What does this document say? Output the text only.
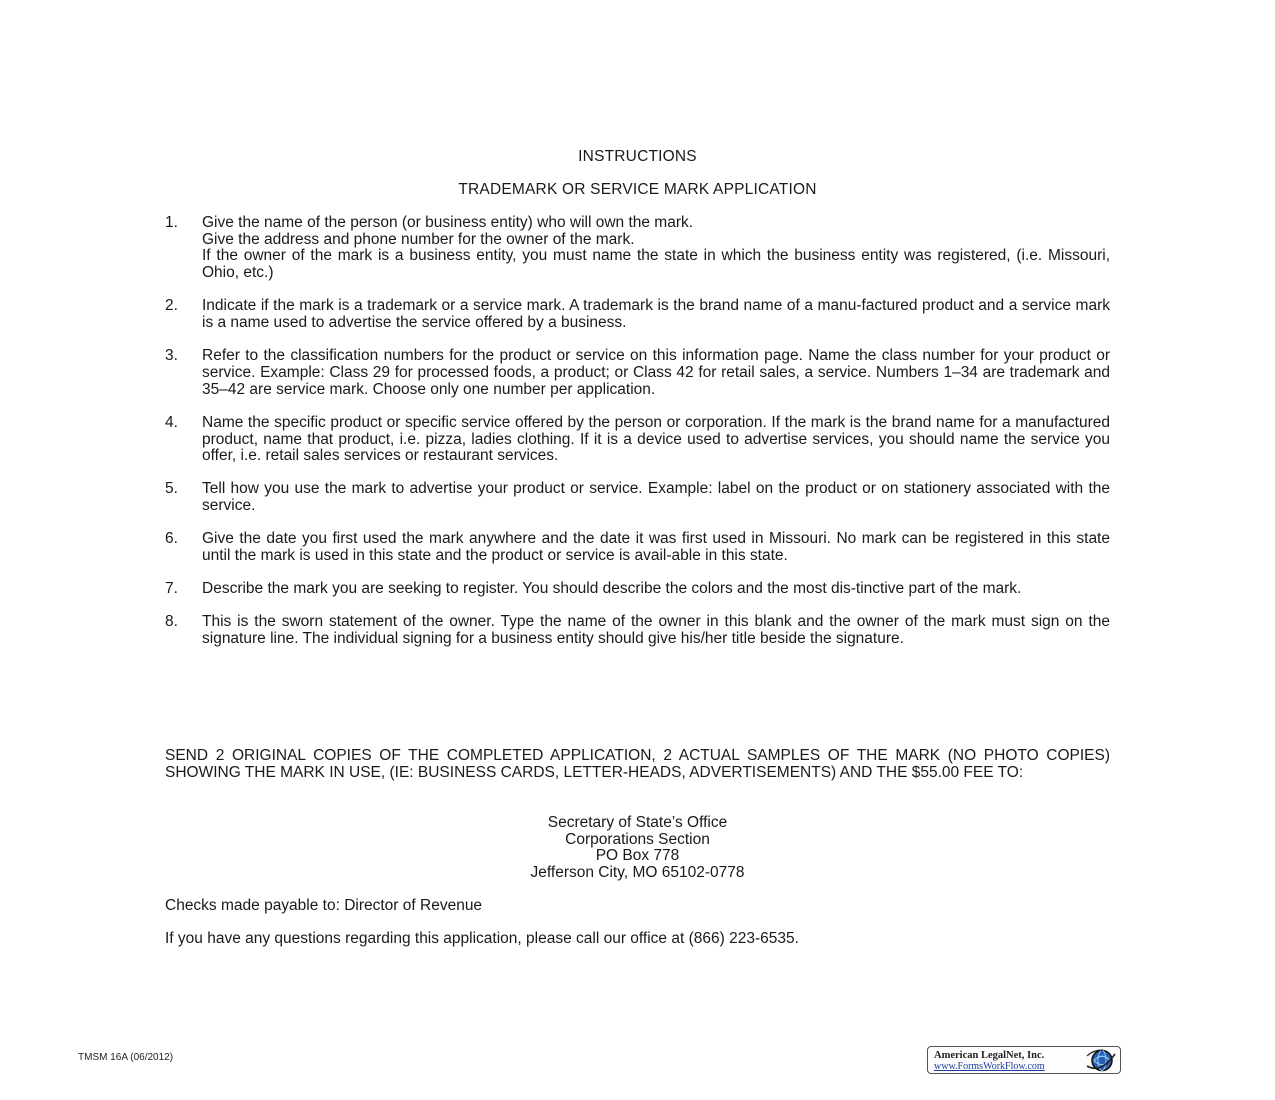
INSTRUCTIONS
TRADEMARK OR SERVICE MARK APPLICATION
1. Give the name of the person (or business entity) who will own the mark.
Give the address and phone number for the owner of the mark.
If the owner of the mark is a business entity, you must name the state in which the business entity was registered, (i.e. Missouri, Ohio, etc.)
2. Indicate if the mark is a trademark or a service mark. A trademark is the brand name of a manu-factured product and a service mark is a name used to advertise the service offered by a business.
3. Refer to the classification numbers for the product or service on this information page. Name the class number for your product or service. Example: Class 29 for processed foods, a product; or Class 42 for retail sales, a service. Numbers 1–34 are trademark and 35–42 are service mark. Choose only one number per application.
4. Name the specific product or specific service offered by the person or corporation. If the mark is the brand name for a manufactured product, name that product, i.e. pizza, ladies clothing. If it is a device used to advertise services, you should name the service you offer, i.e. retail sales services or restaurant services.
5. Tell how you use the mark to advertise your product or service. Example: label on the product or on stationery associated with the service.
6. Give the date you first used the mark anywhere and the date it was first used in Missouri. No mark can be registered in this state until the mark is used in this state and the product or service is avail-able in this state.
7. Describe the mark you are seeking to register. You should describe the colors and the most dis-tinctive part of the mark.
8. This is the sworn statement of the owner. Type the name of the owner in this blank and the owner of the mark must sign on the signature line. The individual signing for a business entity should give his/her title beside the signature.
SEND 2 ORIGINAL COPIES OF THE COMPLETED APPLICATION, 2 ACTUAL SAMPLES OF THE MARK (NO PHOTO COPIES) SHOWING THE MARK IN USE, (IE: BUSINESS CARDS, LETTER-HEADS, ADVERTISEMENTS) AND THE $55.00 FEE TO:
Secretary of State’s Office
Corporations Section
PO Box 778
Jefferson City, MO 65102-0778
Checks made payable to: Director of Revenue
If you have any questions regarding this application, please call our office at (866) 223-6535.
TMSM 16A (06/2012)	American LegalNet, Inc.
www.FormsWorkFlow.com
